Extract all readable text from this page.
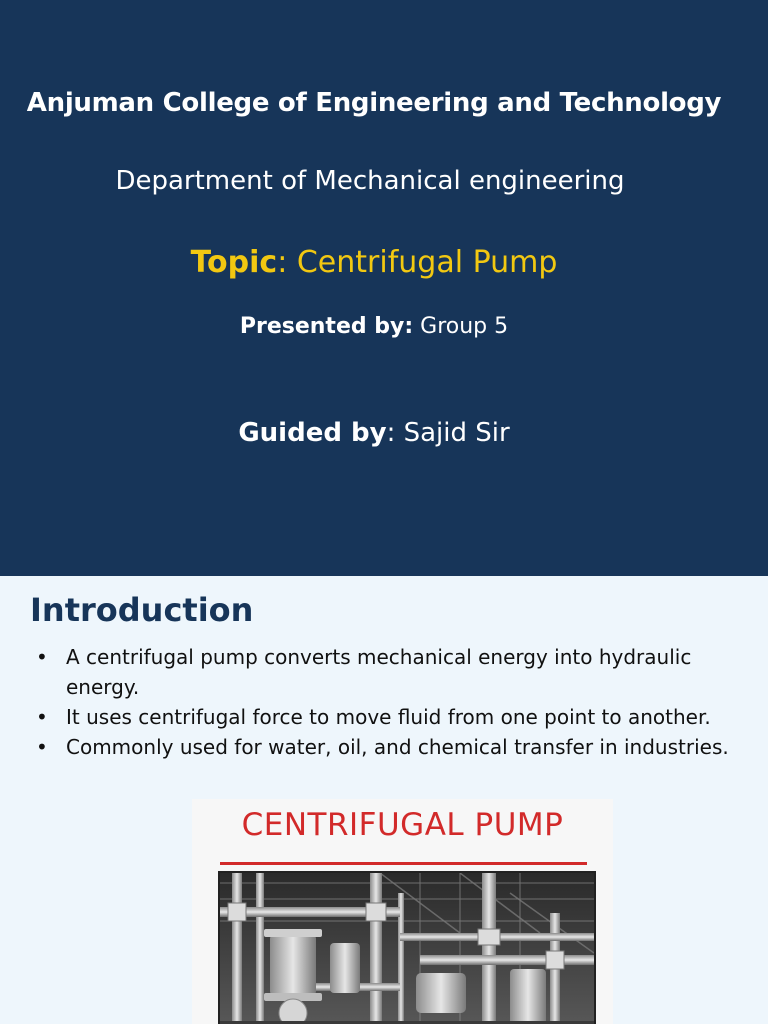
Anjuman College of Engineering and Technology
Department of Mechanical engineering
Topic: Centrifugal Pump
Presented by: Group 5
Guided by: Sajid Sir
Introduction
• A centrifugal pump converts mechanical energy into hydraulic energy.
• It uses centrifugal force to move fluid from one point to another.
• Commonly used for water, oil, and chemical transfer in industries.
CENTRIFUGAL PUMP
